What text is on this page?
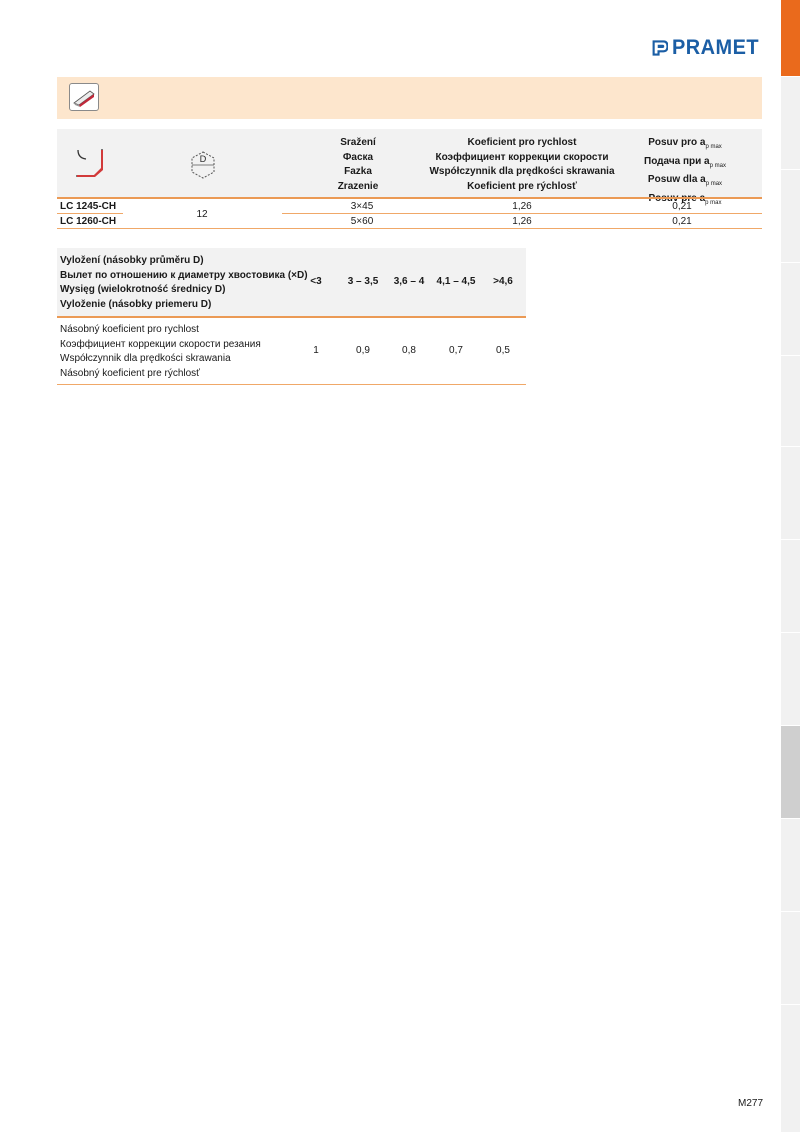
PRAMET
D
Sražení
Фаска
Fazka
Zrazenie
Koeficient pro rychlost
Коэффициент коррекции скорости
Współczynnik dla prędkości skrawania
Koeficient pre rýchlosť
Posuv pro $a_{p max}$
Подача при $a_{p max}$
Posuw dla $a_{p max}$
$_{p max}$
LC 1245-CH	3×45	1,26	0,21
12
LC 1260-CH	5×60	1,26	0,21
Vyložení (násobky průměru D)
Вылет по отношению к диаметру хвостовика (×D)
Wysięg (wielokrotność średnicy D)
Vyloženie (násobky priemeru D)
<3	3 – 3,5	3,6 – 4	4,1 – 4,5	>4,6
Násobný koeficient pro rychlost
Коэффициент коррекции скорости резания
Współczynnik dla prędkości skrawania
Násobný koeficient pre rýchlosť
1	0,9	0,8	0,7	0,5
M277
